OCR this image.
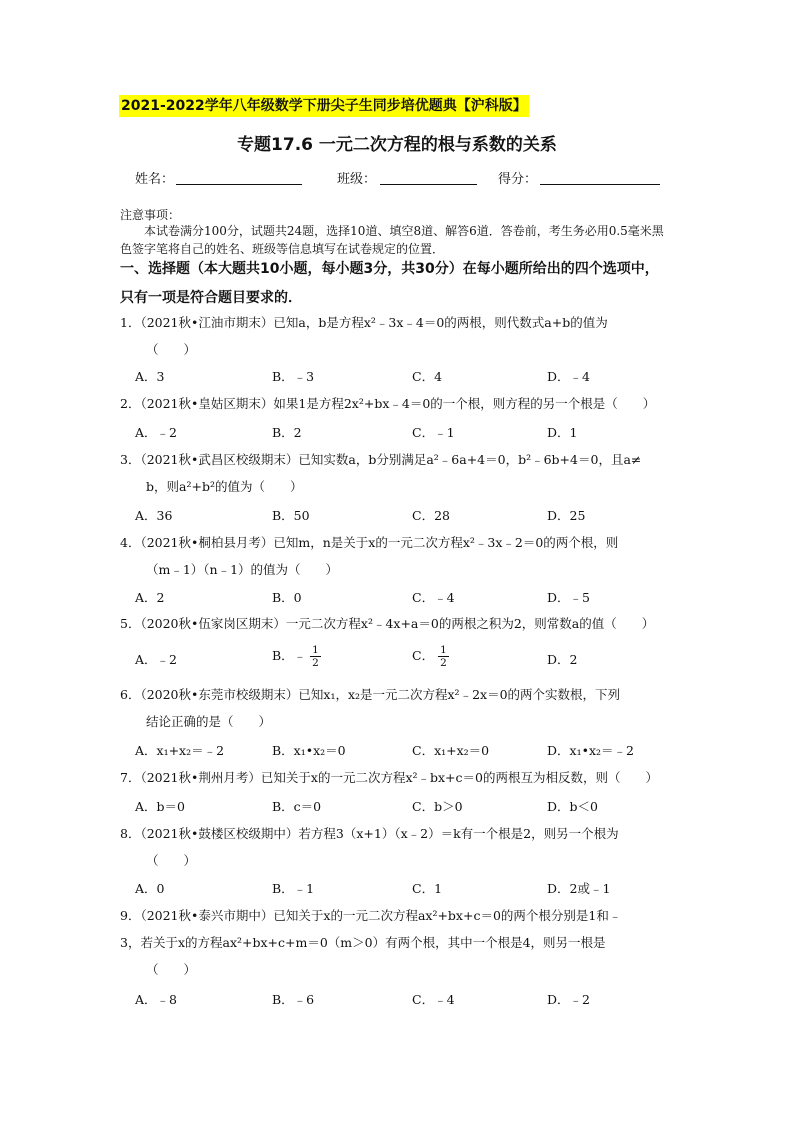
2021-2022学年八年级数学下册尖子生同步培优题典【沪科版】
专题17.6 一元二次方程的根与系数的关系
姓名：	班级：	得分：
注意事项：
本试卷满分100分，试题共24题，选择10道、填空8道、解答6道．答卷前，考生务必用0.5毫米黑色签字笔将自己的姓名、班级等信息填写在试卷规定的位置．
一、选择题（本大题共10小题，每小题3分，共30分）在每小题所给出的四个选项中，
只有一项是符合题目要求的．
1．（2021秋•江油市期末）已知a，b是方程x²﹣3x﹣4＝0的两根，则代数式a+b的值为
（　　）
A．3	B．﹣3	C．4	D．﹣4
2．（2021秋•皇姑区期末）如果1是方程2x²+bx﹣4＝0的一个根，则方程的另一个根是（　　）
A．﹣2	B．2	C．﹣1	D．1
3．（2021秋•武昌区校级期末）已知实数a，b分别满足a²﹣6a+4＝0，b²﹣6b+4＝0，且a≠
b，则a²+b²的值为（　　）
A．36	B．50	C．28	D．25
4．（2021秋•桐柏县月考）已知m，n是关于x的一元二次方程x²﹣3x﹣2＝0的两个根，则
（m﹣1）（n﹣1）的值为（　　）
A．2	B．0	C．﹣4	D．﹣5
5．（2020秋•伍家岗区期末）一元二次方程x²﹣4x+a＝0的两根之积为2，则常数a的值（　　）
A．﹣2	B．﹣ $\frac{1}{2}$	C． $\frac{1}{2}$	D．2
6．（2020秋•东莞市校级期末）已知x₁，x₂是一元二次方程x²﹣2x＝0的两个实数根，下列
结论正确的是（　　）
A．x₁+x₂＝﹣2	B．x₁•x₂＝0	C．x₁+x₂＝0	D．x₁•x₂＝﹣2
7．（2021秋•荆州月考）已知关于x的一元二次方程x²﹣bx+c＝0的两根互为相反数，则（　　）
A．b＝0	B．c＝0	C．b＞0	D．b＜0
8．（2021秋•鼓楼区校级期中）若方程3（x+1）（x﹣2）＝k有一个根是2，则另一个根为
（　　）
A．0	B．﹣1	C．1	D．2或﹣1
9．（2021秋•泰兴市期中）已知关于x的一元二次方程ax²+bx+c＝0的两个根分别是1和﹣
3，若关于x的方程ax²+bx+c+m＝0（m＞0）有两个根，其中一个根是4，则另一根是
（　　）
A．﹣8	B．﹣6	C．﹣4	D．﹣2
